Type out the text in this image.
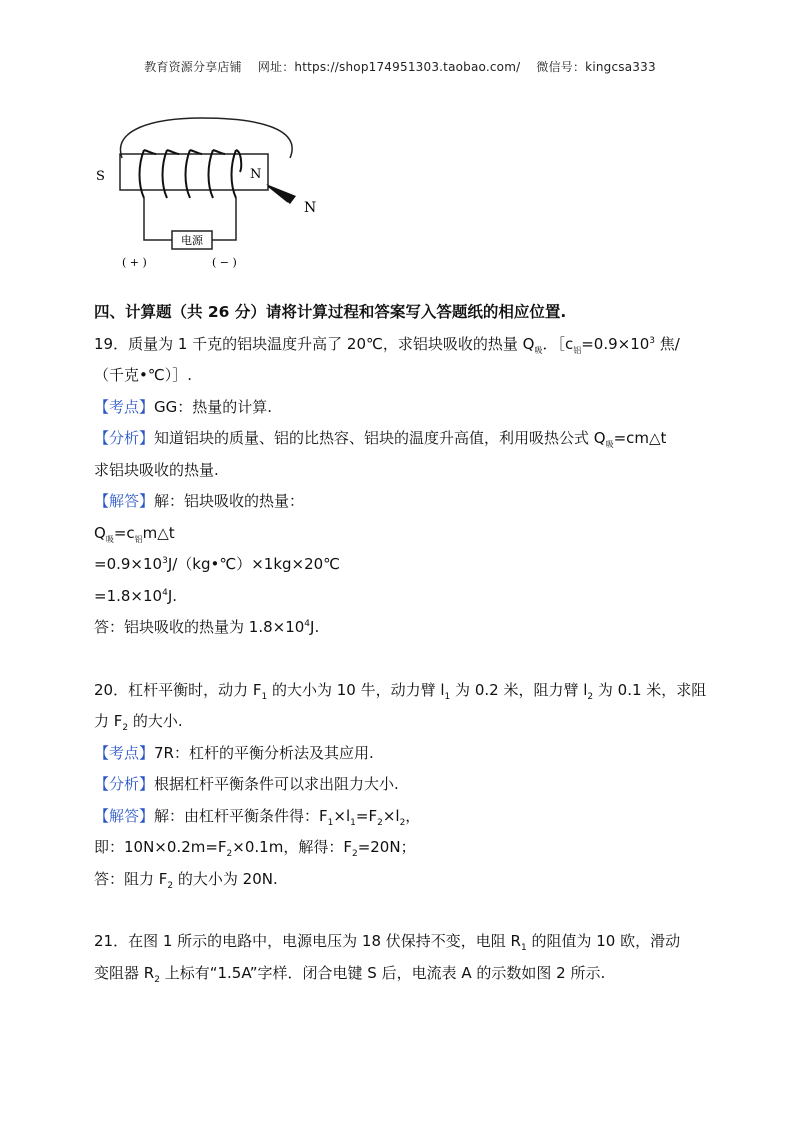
教育资源分享店铺 网址：https://shop174951303.taobao.com/ 微信号：kingcsa333
电源
( + )	( − )
S	N
N
四、计算题（共 26 分）请将计算过程和答案写入答题纸的相应位置.
19．质量为 1 千克的铝块温度升高了 20℃，求铝块吸收的热量 $Q_吸$．$[c_铝=0.9\times 10^3$ 焦/
（千克•℃）］.
【考点】GG：热量的计算.
【分析】知道铝块的质量、铝的比热容、铝块的温度升高值，利用吸热公式 $Q_吸=cm\triangle t$
求铝块吸收的热量.
【解答】解：铝块吸收的热量：
$Q_吸=c_铝m\triangle t$
$=0.9\times 10^3J/(kg•℃)\times 1kg\times 20℃$
$=1.8\times 10^4J$.
答：铝块吸收的热量为 $1.8\times 10^4J$.
20．杠杆平衡时，动力 $F_1$ 的大小为 10 牛，动力臂 $l_1$ 为 0.2 米，阻力臂 $l_2$ 为 0.1 米，求阻
力 $F_2$ 的大小.
【考点】7R：杠杆的平衡分析法及其应用.
【分析】根据杠杆平衡条件可以求出阻力大小.
【解答】解：由杠杆平衡条件得：$F_1\times l_1=F_2\times l_2$，
即：$10N\times 0.2m=F_2\times 0.1m$，解得：$F_2=20N$；
答：阻力 $F_2$ 的大小为 20N.
21．在图 1 所示的电路中，电源电压为 18 伏保持不变，电阻 $R_1$ 的阻值为 10 欧，滑动
变阻器 $R_2$ 上标有“1.5A”字样．闭合电键 S 后，电流表 A 的示数如图 2 所示.
